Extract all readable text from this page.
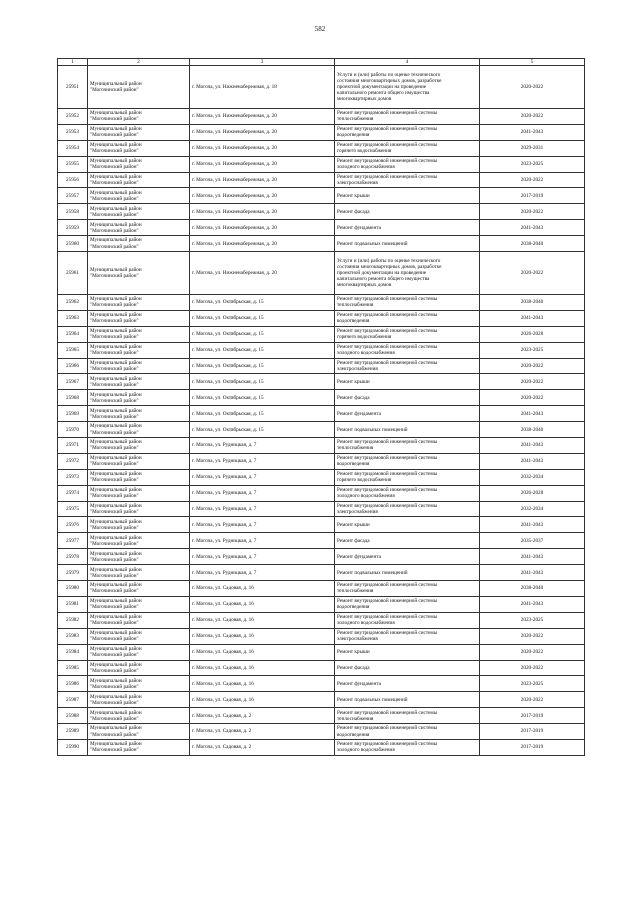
582
1	2	3	4	5

25951	Муниципальный район
"Могочинский район"	г. Могоча, ул. Нижненабережная, д. 18	Услуги и (или) работы по оценке технического
состояния многоквартирных домов, разработке
проектной документации на проведение
капитального ремонта общего имущества
многоквартирных домов	2020-2022

25952	Муниципальный район
"Могочинский район"	г. Могоча, ул. Нижненабережная, д. 20	Ремонт внутридомовой инженерной системы
теплоснабжения	2020-2022

25953	Муниципальный район
"Могочинский район"	г. Могоча, ул. Нижненабережная, д. 20	Ремонт внутридомовой инженерной системы
водоотведения	2041-2043

25954	Муниципальный район
"Могочинский район"	г. Могоча, ул. Нижненабережная, д. 20	Ремонт внутридомовой инженерной системы
горячего водоснабжения	2029-2031

25955	Муниципальный район
"Могочинский район"	г. Могоча, ул. Нижненабережная, д. 20	Ремонт внутридомовой инженерной системы
холодного водоснабжения	2023-2025

25956	Муниципальный район
"Могочинский район"	г. Могоча, ул. Нижненабережная, д. 20	Ремонт внутридомовой инженерной системы
электроснабжения	2020-2022

25957	Муниципальный район
"Могочинский район"	г. Могоча, ул. Нижненабережная, д. 20	Ремонт крыши	2017-2019

25958	Муниципальный район
"Могочинский район"	г. Могоча, ул. Нижненабережная, д. 20	Ремонт фасада	2020-2022

25959	Муниципальный район
"Могочинский район"	г. Могоча, ул. Нижненабережная, д. 20	Ремонт фундамента	2041-2043

25960	Муниципальный район
"Могочинский район"	г. Могоча, ул. Нижненабережная, д. 20	Ремонт подвальных помещений	2038-2040

25961	Муниципальный район
"Могочинский район"	г. Могоча, ул. Нижненабережная, д. 20	Услуги и (или) работы по оценке технического
состояния многоквартирных домов, разработке
проектной документации на проведение
капитального ремонта общего имущества
многоквартирных домов	2020-2022

25962	Муниципальный район
"Могочинский район"	г. Могоча, ул. Октябрьская, д. 15	Ремонт внутридомовой инженерной системы
теплоснабжения	2038-2040

25963	Муниципальный район
"Могочинский район"	г. Могоча, ул. Октябрьская, д. 15	Ремонт внутридомовой инженерной системы
водоотведения	2041-2043

25964	Муниципальный район
"Могочинский район"	г. Могоча, ул. Октябрьская, д. 15	Ремонт внутридомовой инженерной системы
горячего водоснабжения	2026-2028

25965	Муниципальный район
"Могочинский район"	г. Могоча, ул. Октябрьская, д. 15	Ремонт внутридомовой инженерной системы
холодного водоснабжения	2023-2025

25966	Муниципальный район
"Могочинский район"	г. Могоча, ул. Октябрьская, д. 15	Ремонт внутридомовой инженерной системы
электроснабжения	2020-2022

25967	Муниципальный район
"Могочинский район"	г. Могоча, ул. Октябрьская, д. 15	Ремонт крыши	2020-2022

25968	Муниципальный район
"Могочинский район"	г. Могоча, ул. Октябрьская, д. 15	Ремонт фасада	2020-2022

25969	Муниципальный район
"Могочинский район"	г. Могоча, ул. Октябрьская, д. 15	Ремонт фундамента	2041-2043

25970	Муниципальный район
"Могочинский район"	г. Могоча, ул. Октябрьская, д. 15	Ремонт подвальных помещений	2038-2040

25971	Муниципальный район
"Могочинский район"	г. Могоча, ул. Рудницкая, д. 7	Ремонт внутридомовой инженерной системы
теплоснабжения	2041-2043

25972	Муниципальный район
"Могочинский район"	г. Могоча, ул. Рудницкая, д. 7	Ремонт внутридомовой инженерной системы
водоотведения	2041-2043

25973	Муниципальный район
"Могочинский район"	г. Могоча, ул. Рудницкая, д. 7	Ремонт внутридомовой инженерной системы
горячего водоснабжения	2032-2034

25974	Муниципальный район
"Могочинский район"	г. Могоча, ул. Рудницкая, д. 7	Ремонт внутридомовой инженерной системы
холодного водоснабжения	2026-2028

25975	Муниципальный район
"Могочинский район"	г. Могоча, ул. Рудницкая, д. 7	Ремонт внутридомовой инженерной системы
электроснабжения	2032-2034

25976	Муниципальный район
"Могочинский район"	г. Могоча, ул. Рудницкая, д. 7	Ремонт крыши	2041-2043

25977	Муниципальный район
"Могочинский район"	г. Могоча, ул. Рудницкая, д. 7	Ремонт фасада	2035-2037

25978	Муниципальный район
"Могочинский район"	г. Могоча, ул. Рудницкая, д. 7	Ремонт фундамента	2041-2043

25979	Муниципальный район
"Могочинский район"	г. Могоча, ул. Рудницкая, д. 7	Ремонт подвальных помещений	2041-2043

25980	Муниципальный район
"Могочинский район"	г. Могоча, ул. Садовая, д. 16	Ремонт внутридомовой инженерной системы
теплоснабжения	2038-2040

25981	Муниципальный район
"Могочинский район"	г. Могоча, ул. Садовая, д. 16	Ремонт внутридомовой инженерной системы
водоотведения	2041-2043

25982	Муниципальный район
"Могочинский район"	г. Могоча, ул. Садовая, д. 16	Ремонт внутридомовой инженерной системы
холодного водоснабжения	2023-2025

25983	Муниципальный район
"Могочинский район"	г. Могоча, ул. Садовая, д. 16	Ремонт внутридомовой инженерной системы
электроснабжения	2020-2022

25984	Муниципальный район
"Могочинский район"	г. Могоча, ул. Садовая, д. 16	Ремонт крыши	2020-2022

25985	Муниципальный район
"Могочинский район"	г. Могоча, ул. Садовая, д. 16	Ремонт фасада	2020-2022

25986	Муниципальный район
"Могочинский район"	г. Могоча, ул. Садовая, д. 16	Ремонт фундамента	2023-2025

25987	Муниципальный район
"Могочинский район"	г. Могоча, ул. Садовая, д. 16	Ремонт подвальных помещений	2020-2022

25988	Муниципальный район
"Могочинский район"	г. Могоча, ул. Садовая, д. 2	Ремонт внутридомовой инженерной системы
теплоснабжения	2017-2019

25989	Муниципальный район
"Могочинский район"	г. Могоча, ул. Садовая, д. 2	Ремонт внутридомовой инженерной системы
водоотведения	2017-2019

25990	Муниципальный район
"Могочинский район"	г. Могоча, ул. Садовая, д. 2	Ремонт внутридомовой инженерной системы
холодного водоснабжения	2017-2019
